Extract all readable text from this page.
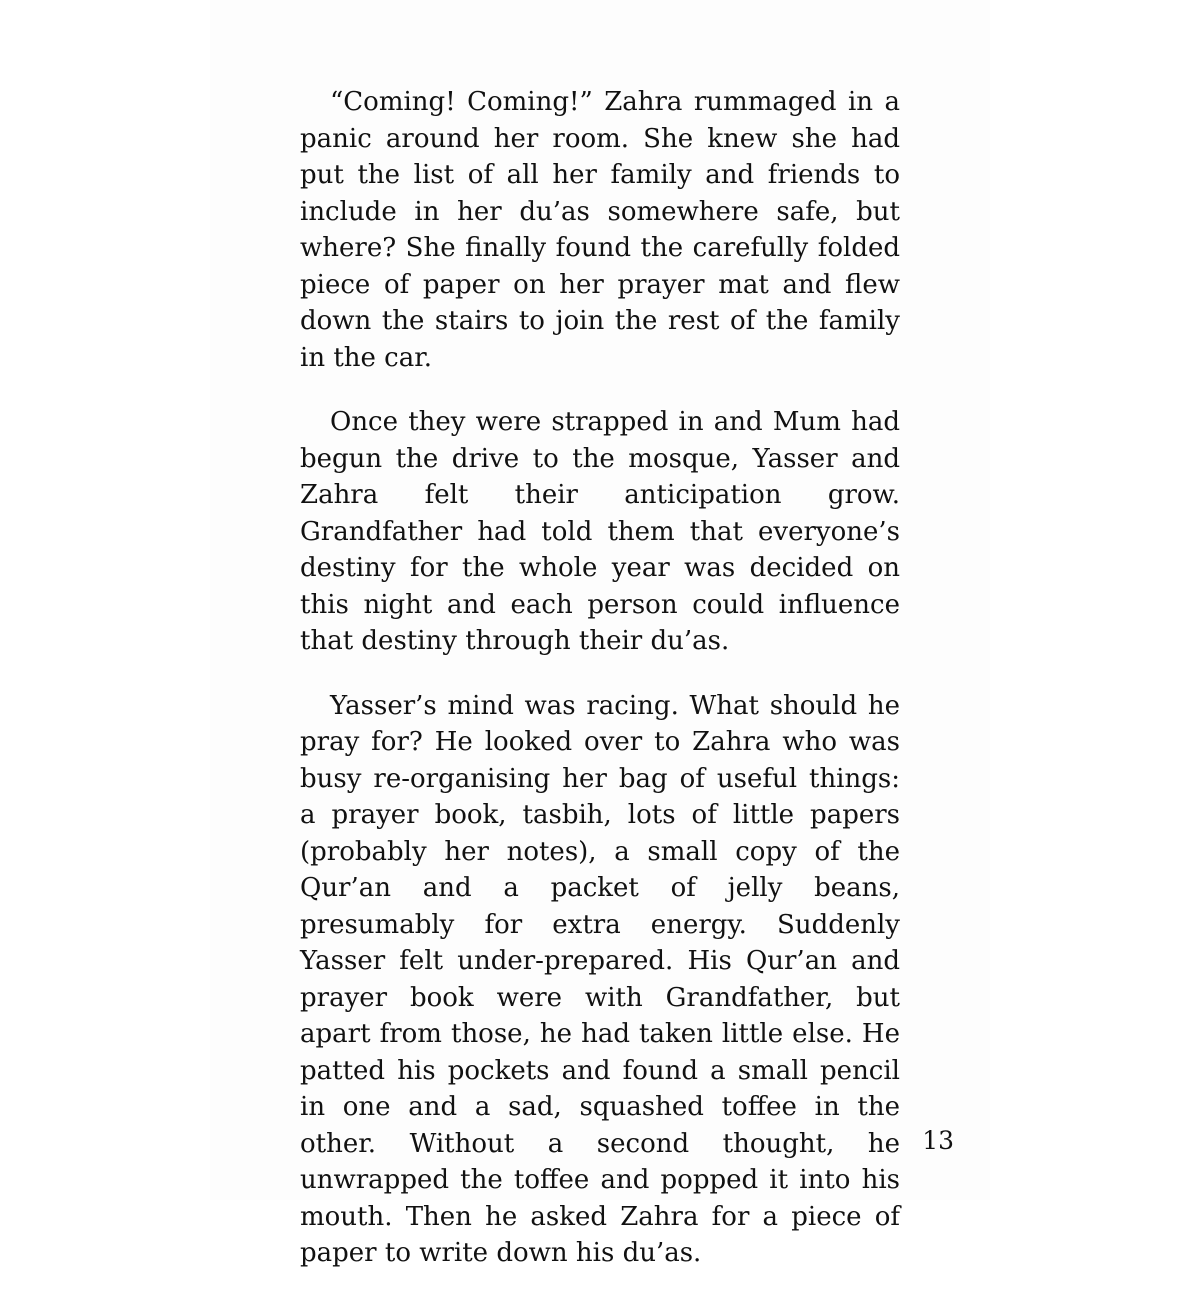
“Coming! Coming!” Zahra rummaged in a panic around her room. She knew she had put the list of all her family and friends to include in her du’as somewhere safe, but where? She finally found the carefully folded piece of paper on her prayer mat and flew down the stairs to join the rest of the family in the car.

Once they were strapped in and Mum had begun the drive to the mosque, Yasser and Zahra felt their anticipation grow. Grandfather had told them that everyone’s destiny for the whole year was decided on this night and each person could influence that destiny through their du’as.

Yasser’s mind was racing. What should he pray for? He looked over to Zahra who was busy re-organising her bag of useful things: a prayer book, tasbih, lots of little papers (probably her notes), a small copy of the Qur’an and a packet of jelly beans, presumably for extra energy. Suddenly Yasser felt under-prepared. His Qur’an and prayer book were with Grandfather, but apart from those, he had taken little else. He patted his pockets and found a small pencil in one and a sad, squashed toffee in the other. Without a second thought, he unwrapped the toffee and popped it into his mouth. Then he asked Zahra for a piece of paper to write down his du’as.

13
